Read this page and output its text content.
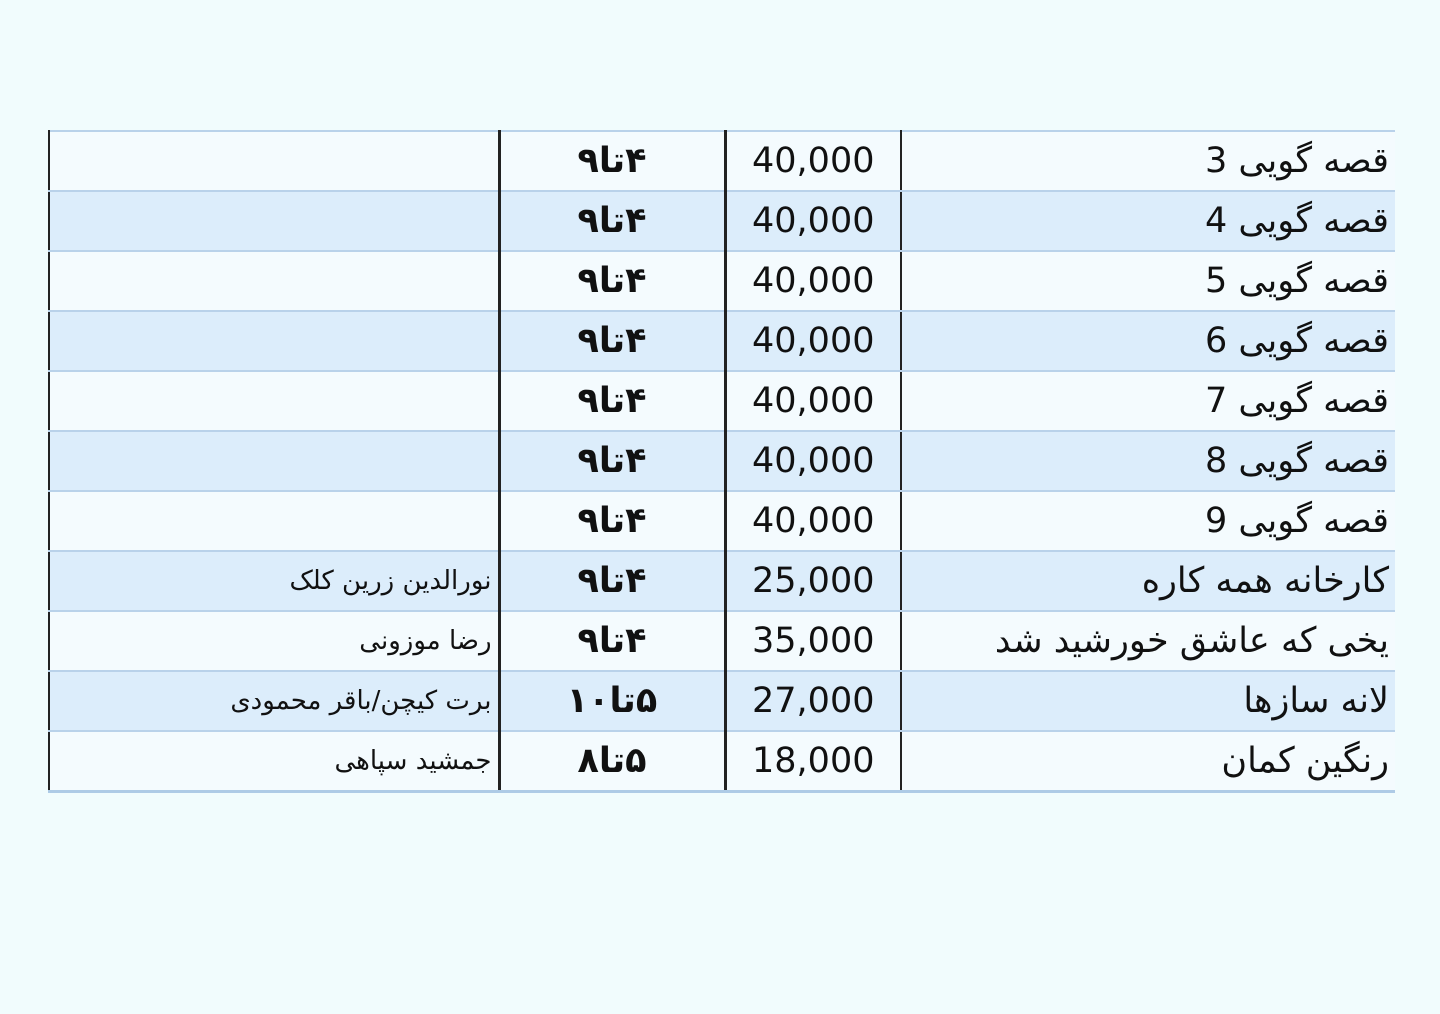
قصه گویی 3	40,000	۴تا۹	
قصه گویی 4	40,000	۴تا۹	
قصه گویی 5	40,000	۴تا۹	
قصه گویی 6	40,000	۴تا۹	
قصه گویی 7	40,000	۴تا۹	
قصه گویی 8	40,000	۴تا۹	
قصه گویی 9	40,000	۴تا۹	
کارخانه همه کاره	25,000	۴تا۹	نورالدین زرین کلک
یخی که عاشق خورشید شد	35,000	۴تا۹	رضا موزونی
لانه سازها	27,000	۵تا۱۰	برت کیچن/باقر محمودی
رنگین کمان	18,000	۵تا۸	جمشید سپاهی
